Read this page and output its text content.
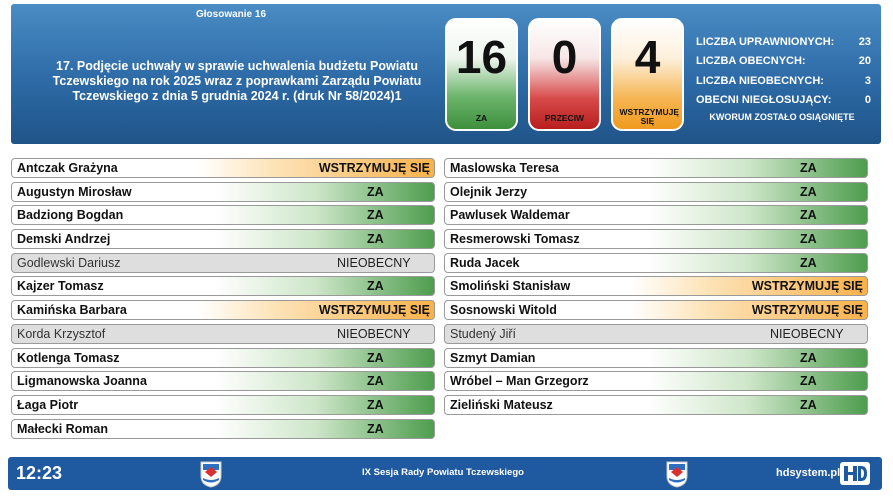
Głosowanie 16
17. Podjęcie uchwały w sprawie uchwalenia budżetu Powiatu Tczewskiego na rok 2025 wraz z poprawkami Zarządu Powiatu Tczewskiego z dnia 5 grudnia 2024 r. (druk Nr 58/2024)1
16
ZA
0
PRZECIW
4
WSTRZYMUJĘ SIĘ
LICZBA UPRAWNIONYCH: 23
LICZBA OBECNYCH:	20
LICZBA NIEOBECNYCH:	3
OBECNI NIEGŁOSUJĄCY:	0
KWORUM ZOSTAŁO OSIĄGNIĘTE
Antczak Grażyna	WSTRZYMUJĘ SIĘ
Augustyn Mirosław	ZA
Badziong Bogdan	ZA
Demski Andrzej	ZA
Godlewski Dariusz	NIEOBECNY
Kajzer Tomasz	ZA
Kamińska Barbara	WSTRZYMUJĘ SIĘ
Korda Krzysztof	NIEOBECNY
Kotlenga Tomasz	ZA
Ligmanowska Joanna	ZA
Łaga Piotr	ZA
Małecki Roman	ZA
Maslowska Teresa	ZA
Olejnik Jerzy	ZA
Pawlusek Waldemar	ZA
Resmerowski Tomasz	ZA
Ruda Jacek	ZA
Smoliński Stanisław	WSTRZYMUJĘ SIĘ
Sosnowski Witold	WSTRZYMUJĘ SIĘ
Studený Jiří	NIEOBECNY
Szmyt Damian	ZA
Wróbel – Man Grzegorz	ZA
Zieliński Mateusz	ZA
12:23	IX Sesja Rady Powiatu Tczewskiego	hdsystem.pl
